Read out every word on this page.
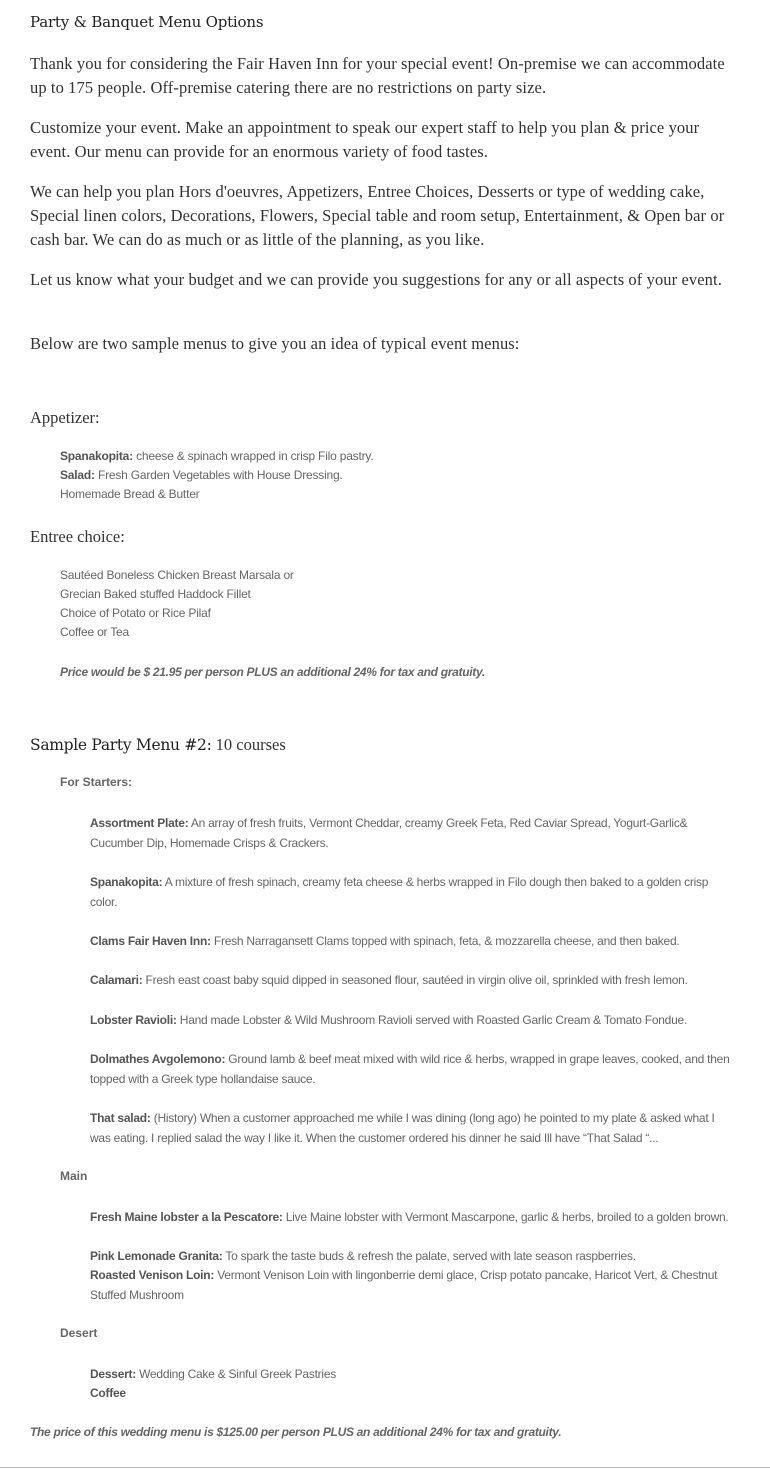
Party & Banquet Menu Options

Thank you for considering the Fair Haven Inn for your special event! On-premise we can accommodate up to 175 people. Off-premise catering there are no restrictions on party size.

Customize your event. Make an appointment to speak our expert staff to help you plan & price your event. Our menu can provide for an enormous variety of food tastes.

We can help you plan Hors d'oeuvres, Appetizers, Entree Choices, Desserts or type of wedding cake, Special linen colors, Decorations, Flowers, Special table and room setup, Entertainment, & Open bar or cash bar. We can do as much or as little of the planning, as you like.

Let us know what your budget and we can provide you suggestions for any or all aspects of your event.

Below are two sample menus to give you an idea of typical event menus:

Appetizer:

Spanakopita: cheese & spinach wrapped in crisp Filo pastry.

Salad: Fresh Garden Vegetables with House Dressing.

Homemade Bread & Butter

Entree choice:

Sautéed Boneless Chicken Breast Marsala or

Grecian Baked stuffed Haddock Fillet

Choice of Potato or Rice Pilaf

Coffee or Tea

Price would be $ 21.95 per person PLUS an additional 24% for tax and gratuity.

Sample Party Menu #2: 10 courses

For Starters:

Assortment Plate: An array of fresh fruits, Vermont Cheddar, creamy Greek Feta, Red Caviar Spread, Yogurt-Garlic& Cucumber Dip, Homemade Crisps & Crackers.

Spanakopita: A mixture of fresh spinach, creamy feta cheese & herbs wrapped in Filo dough then baked to a golden crisp color.

Clams Fair Haven Inn: Fresh Narragansett Clams topped with spinach, feta, & mozzarella cheese, and then baked.

Calamari: Fresh east coast baby squid dipped in seasoned flour, sautéed in virgin olive oil, sprinkled with fresh lemon.

Lobster Ravioli: Hand made Lobster & Wild Mushroom Ravioli served with Roasted Garlic Cream & Tomato Fondue.

Dolmathes Avgolemono: Ground lamb & beef meat mixed with wild rice & herbs, wrapped in grape leaves, cooked, and then topped with a Greek type hollandaise sauce.

That salad: (History) When a customer approached me while I was dining (long ago) he pointed to my plate & asked what I was eating. I replied salad the way I like it. When the customer ordered his dinner he said Ill have “That Salad “...

Main

Fresh Maine lobster a la Pescatore: Live Maine lobster with Vermont Mascarpone, garlic & herbs, broiled to a golden brown.

Pink Lemonade Granita: To spark the taste buds & refresh the palate, served with late season raspberries.

Roasted Venison Loin: Vermont Venison Loin with lingonberrie demi glace, Crisp potato pancake, Haricot Vert, & Chestnut Stuffed Mushroom

Desert

Dessert: Wedding Cake & Sinful Greek Pastries

Coffee

The price of this wedding menu is $125.00 per person PLUS an additional 24% for tax and gratuity.
